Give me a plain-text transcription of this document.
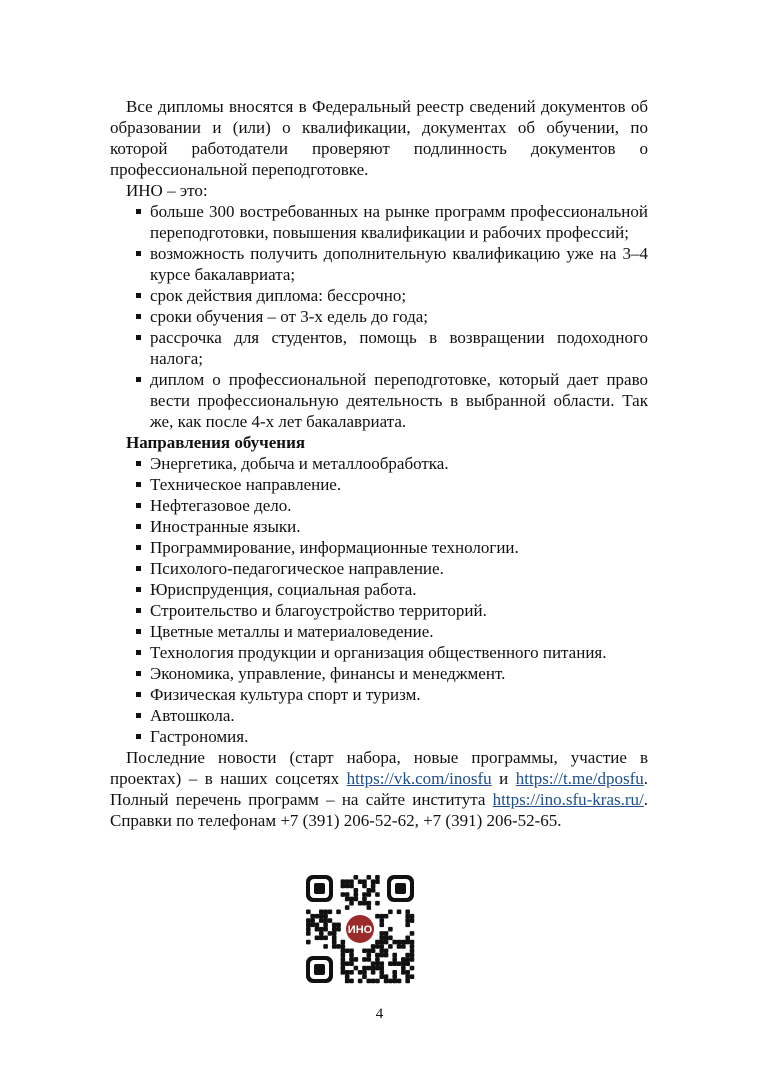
Все дипломы вносятся в Федеральный реестр сведений документов об образовании и (или) о квалификации, документах об обучении, по которой работодатели проверяют подлинность документов о профессиональной переподготовке.

ИНО – это:

больше 300 востребованных на рынке программ профессиональной переподготовки, повышения квалификации и рабочих профессий;
возможность получить дополнительную квалификацию уже на 3–4 курсе бакалавриата;
срок действия диплома: бессрочно;
сроки обучения – от 3-х едель до года;
рассрочка для студентов, помощь в возвращении подоходного налога;
диплом о профессиональной переподготовке, который дает право вести профессиональную деятельность в выбранной области. Так же, как после 4-х лет бакалавриата.

Направления обучения

Энергетика, добыча и металлообработка.
Техническое направление.
Нефтегазовое дело.
Иностранные языки.
Программирование, информационные технологии.
Психолого-педагогическое направление.
Юриспруденция, социальная работа.
Строительство и благоустройство территорий.
Цветные металлы и материаловедение.
Технология продукции и организация общественного питания.
Экономика, управление, финансы и менеджмент.
Физическая культура спорт и туризм.
Автошкола.
Гастрономия.

Последние новости (старт набора, новые программы, участие в проектах) – в наших соцсетях https://vk.com/inosfu и https://t.me/dposfu. Полный перечень программ – на сайте института https://ino.sfu-kras.ru/. Справки по телефонам +7 (391) 206-52-62, +7 (391) 206-52-65.

ИНО
4
